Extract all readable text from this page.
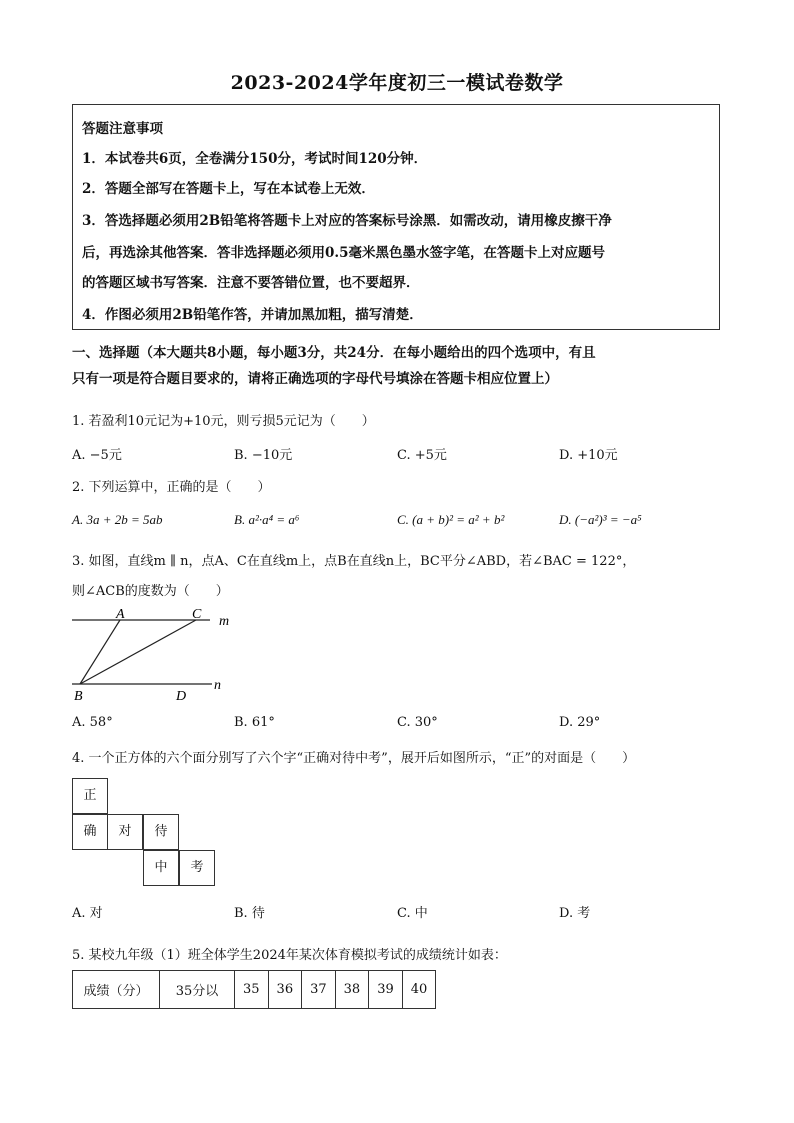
2023-2024学年度初三一模试卷数学
答题注意事项
1．本试卷共6页，全卷满分150分，考试时间120分钟．
2．答题全部写在答题卡上，写在本试卷上无效．
3．答选择题必须用2B铅笔将答题卡上对应的答案标号涂黑．如需改动，请用橡皮擦干净
后，再选涂其他答案．答非选择题必须用0.5毫米黑色墨水签字笔，在答题卡上对应题号
的答题区域书写答案．注意不要答错位置，也不要超界．
4．作图必须用2B铅笔作答，并请加黑加粗，描写清楚．
一、选择题（本大题共8小题，每小题3分，共24分．在每小题给出的四个选项中，有且
只有一项是符合题目要求的，请将正确选项的字母代号填涂在答题卡相应位置上）
1. 若盈利10元记为+10元，则亏损5元记为（　　）
A. −5元	B. −10元	C. +5元	D. +10元
2. 下列运算中，正确的是（　　）
A. 3a + 2b = 5ab	B. a²·a⁴ = a⁶	C. (a + b)² = a² + b²	D. (−a²)³ = −a⁵
3. 如图，直线m ∥ n，点A、C在直线m上，点B在直线n上，BC平分∠ABD，若∠BAC = 122°，
则∠ACB的度数为（　　）
A	C m
B	D
n
A. 58°	B. 61°	C. 30°	D. 29°
4. 一个正方体的六个面分别写了六个字“正确对待中考”，展开后如图所示，“正”的对面是（　　）
正
确	对	待
中	考
A. 对	B. 待	C. 中	D. 考
5. 某校九年级（1）班全体学生2024年某次体育模拟考试的成绩统计如表：
成绩（分）	35分以	35	36	37	38	39	40
